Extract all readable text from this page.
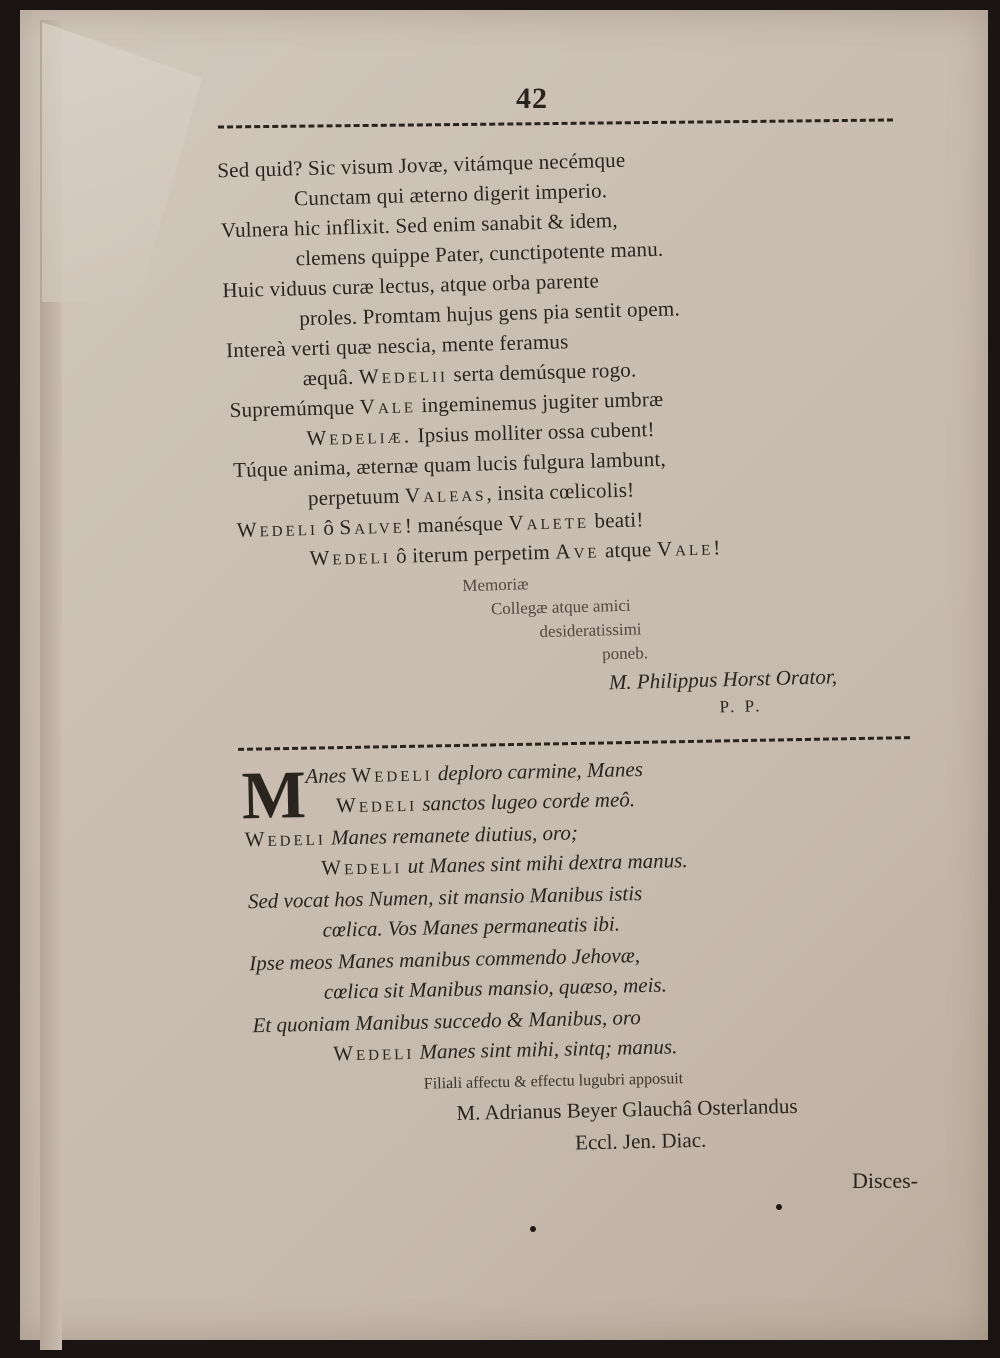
42
Sed quid? Sic visum Jovæ, vitámque necémque
Cunctam qui æterno digerit imperio.
Vulnera hic inflixit. Sed enim sanabit & idem,
clemens quippe Pater, cunctipotente manu.
Huic viduus curæ lectus, atque orba parente
proles. Promtam hujus gens pia sentit opem.
Intereà verti quæ nescia, mente feramus
æquâ. Wedelii serta demúsque rogo.
Supremúmque Vale ingeminemus jugiter umbræ
Wedeliæ. Ipsius molliter ossa cubent!
Túque anima, æternæ quam lucis fulgura lambunt,
perpetuum Valeas, insita cœlicolis!
Wedeli ô Salve! manésque Valete beati!
Wedeli ô iterum perpetim Ave atque Vale!
Memoriæ
Collegæ atque amici
desideratissimi
poneb.
M. Philippus Horst Orator,
P. P.
M
Anes Wedeli deploro carmine, Manes
Wedeli sanctos lugeo corde meô.
Wedeli Manes remanete diutius, oro;
Wedeli ut Manes sint mihi dextra manus.
Sed vocat hos Numen, sit mansio Manibus istis
cœlica. Vos Manes permaneatis ibi.
Ipse meos Manes manibus commendo Jehovæ,
cœlica sit Manibus mansio, quæso, meis.
Et quoniam Manibus succedo & Manibus, oro
Wedeli Manes sint mihi, sintq; manus.
Filiali affectu & effectu lugubri apposuit
M. Adrianus Beyer Glauchâ Osterlandus
Eccl. Jen. Diac.
Disces-
